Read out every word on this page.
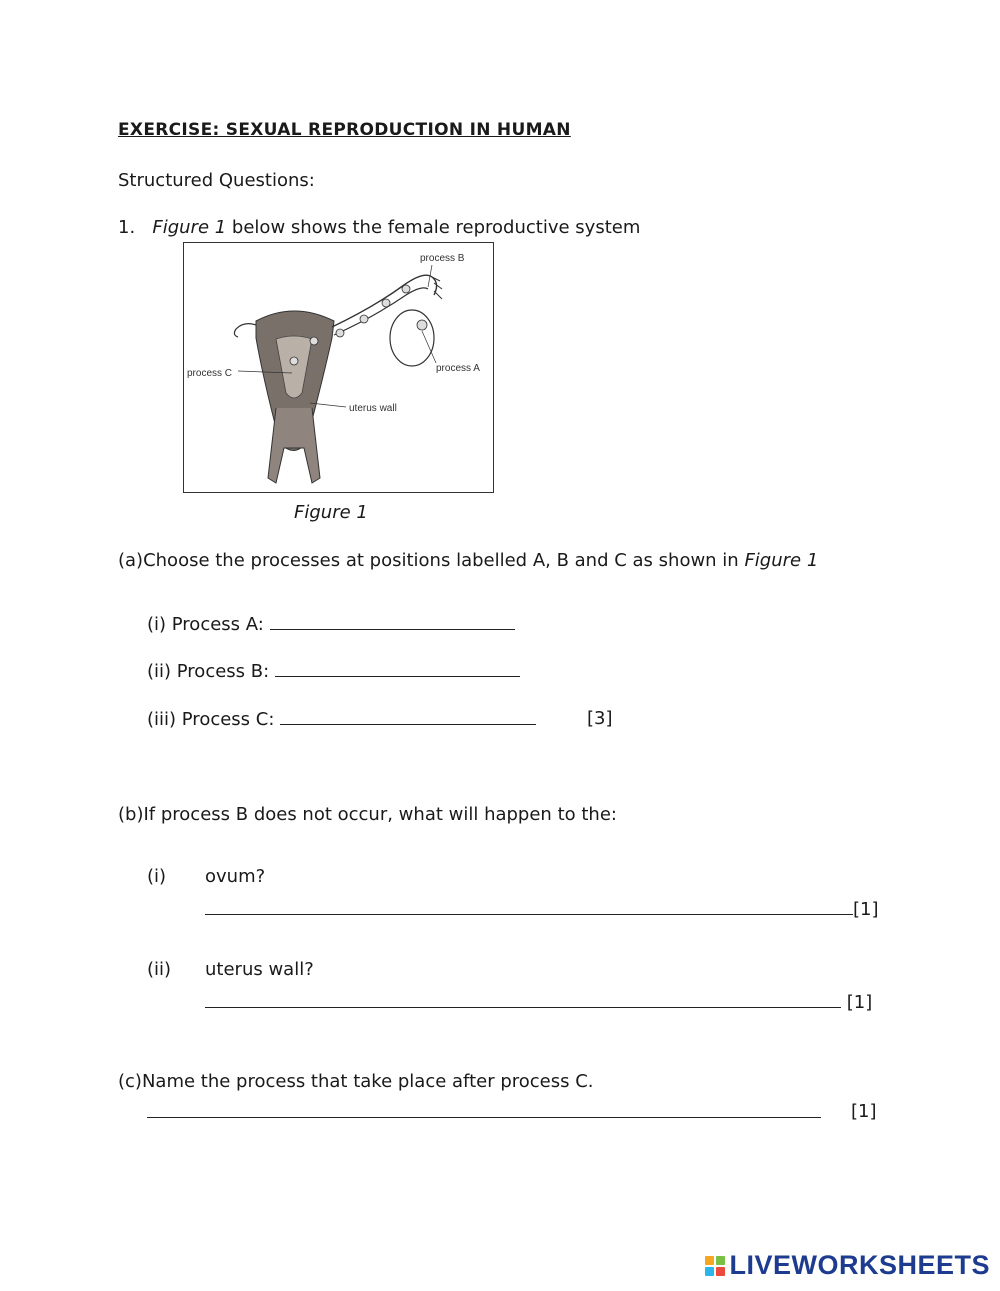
EXERCISE: SEXUAL REPRODUCTION IN HUMAN
Structured Questions:
1. Figure 1 below shows the female reproductive system
process B
process A
process C
uterus wall
Figure 1
(a)Choose the processes at positions labelled A, B and C as shown in Figure 1
(i) Process A:
(ii) Process B:
(iii) Process C:	[3]
(b)If process B does not occur, what will happen to the:
(i) ovum?
[1]
(ii) uterus wall?
[1]
(c)Name the process that take place after process C.
[1]
LIVEWORKSHEETS
